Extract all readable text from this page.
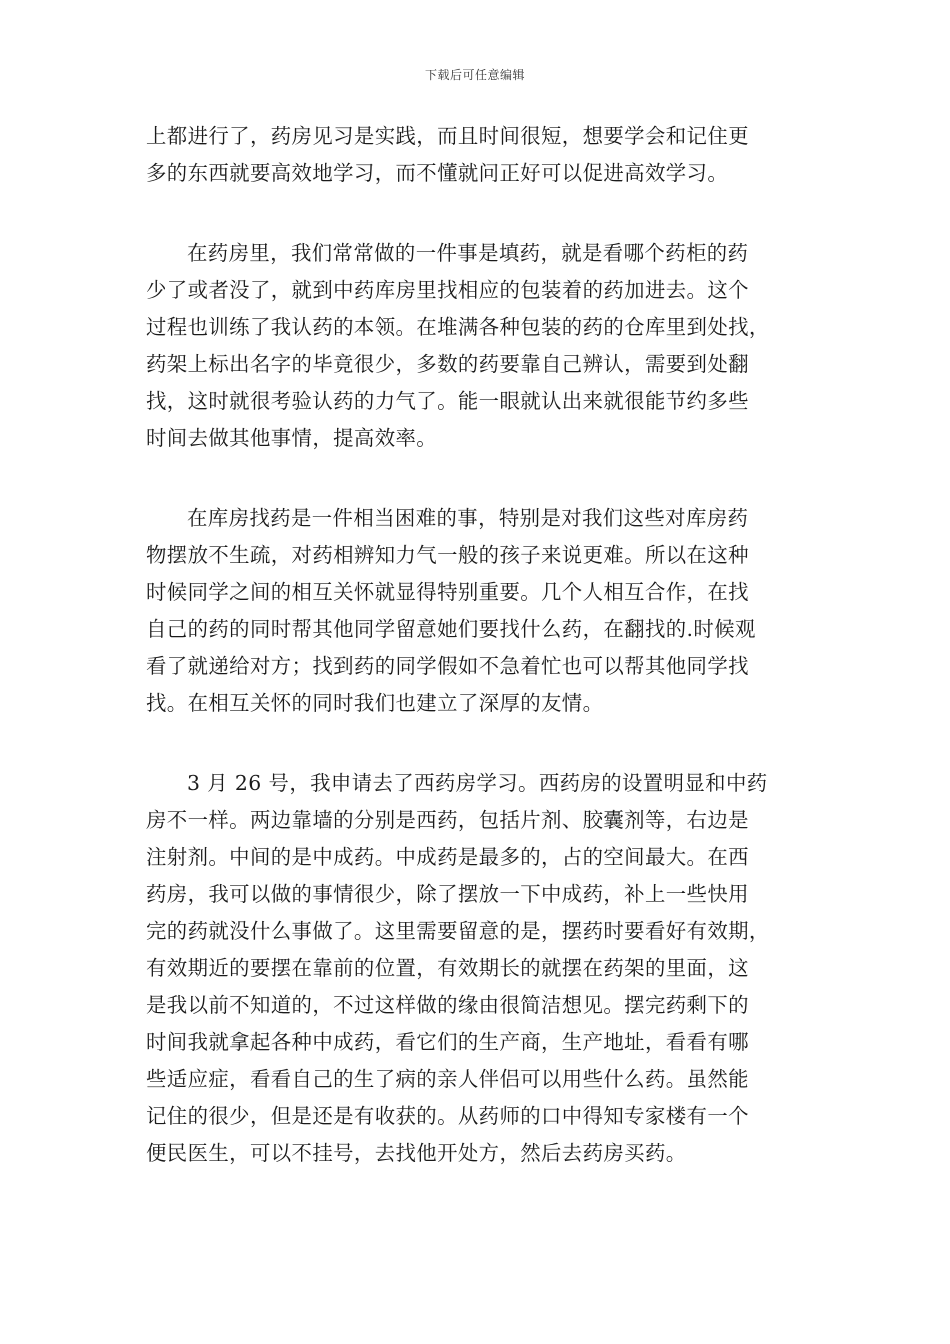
下载后可任意编辑
上都进行了，药房见习是实践，而且时间很短，想要学会和记住更
多的东西就要高效地学习，而不懂就问正好可以促进高效学习。
在药房里，我们常常做的一件事是填药，就是看哪个药柜的药
少了或者没了，就到中药库房里找相应的包装着的药加进去。这个
过程也训练了我认药的本领。在堆满各种包装的药的仓库里到处找，
药架上标出名字的毕竟很少，多数的药要靠自己辨认，需要到处翻
找，这时就很考验认药的力气了。能一眼就认出来就很能节约多些
时间去做其他事情，提高效率。
在库房找药是一件相当困难的事，特别是对我们这些对库房药
物摆放不生疏，对药相辨知力气一般的孩子来说更难。所以在这种
时候同学之间的相互关怀就显得特别重要。几个人相互合作，在找
自己的药的同时帮其他同学留意她们要找什么药，在翻找的.时候观
看了就递给对方；找到药的同学假如不急着忙也可以帮其他同学找
找。在相互关怀的同时我们也建立了深厚的友情。
3 月 26 号，我申请去了西药房学习。西药房的设置明显和中药
房不一样。两边靠墙的分别是西药，包括片剂、胶囊剂等，右边是
注射剂。中间的是中成药。中成药是最多的，占的空间最大。在西
药房，我可以做的事情很少，除了摆放一下中成药，补上一些快用
完的药就没什么事做了。这里需要留意的是，摆药时要看好有效期，
有效期近的要摆在靠前的位置，有效期长的就摆在药架的里面，这
是我以前不知道的，不过这样做的缘由很简洁想见。摆完药剩下的
时间我就拿起各种中成药，看它们的生产商，生产地址，看看有哪
些适应症，看看自己的生了病的亲人伴侣可以用些什么药。虽然能
记住的很少，但是还是有收获的。从药师的口中得知专家楼有一个
便民医生，可以不挂号，去找他开处方，然后去药房买药。
